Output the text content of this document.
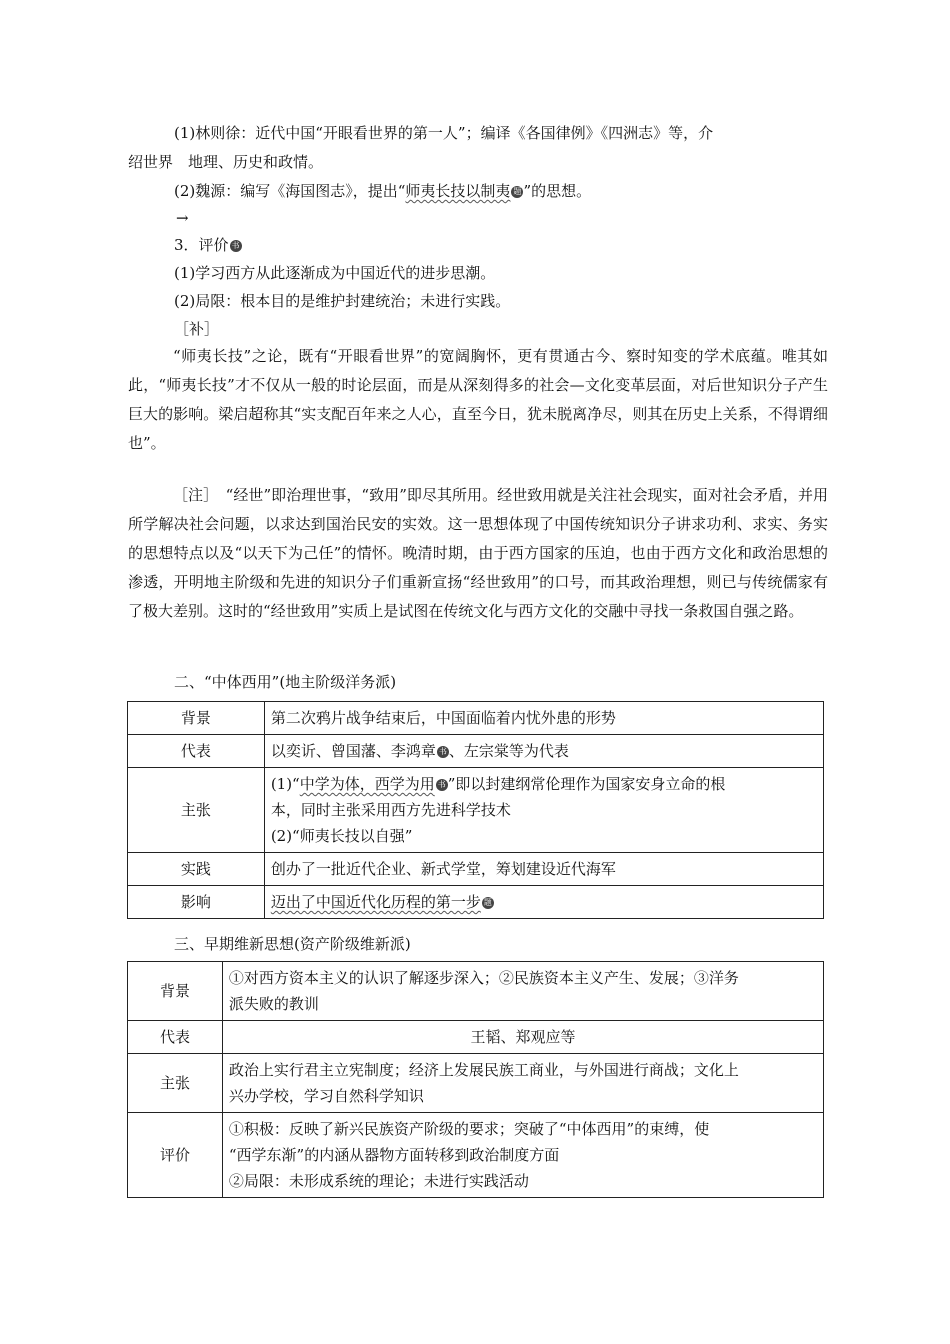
(1)林则徐：近代中国“开眼看世界的第一人”；编译《各国律例》《四洲志》等，介
绍世界　地理、历史和政情。
(2)魏源：编写《海国图志》，提出“师夷长技以制夷 题 ”的思想。
→
3．评价 书
(1)学习西方从此逐渐成为中国近代的进步思潮。
(2)局限：根本目的是维护封建统治；未进行实践。
［补］
“师夷长技”之论，既有“开眼看世界”的宽阔胸怀，更有贯通古今、察时知变的学术底蕴。唯其如此，“师夷长技”才不仅从一般的时论层面，而是从深刻得多的社会—文化变革层面，对后世知识分子产生巨大的影响。梁启超称其“实支配百年来之人心，直至今日，犹未脱离净尽，则其在历史上关系，不得谓细也”。
［注］　“经世”即治理世事，“致用”即尽其所用。经世致用就是关注社会现实，面对社会矛盾，并用所学解决社会问题，以求达到国治民安的实效。这一思想体现了中国传统知识分子讲求功利、求实、务实的思想特点以及“以天下为己任”的情怀。晚清时期，由于西方国家的压迫，也由于西方文化和政治思想的渗透，开明地主阶级和先进的知识分子们重新宣扬“经世致用”的口号，而其政治理想，则已与传统儒家有了极大差别。这时的“经世致用”实质上是试图在传统文化与西方文化的交融中寻找一条救国自强之路。
二、“中体西用”(地主阶级洋务派)
背景	第二次鸦片战争结束后，中国面临着内忧外患的形势
代表	以奕䜣、曾国藩、李鸿章 书 、左宗棠等为代表
主张	(1)“中学为体，西学为用 书 ”即以封建纲常伦理作为国家安身立命的根
本，同时主张采用西方先进科学技术
(2)“师夷长技以自强”

实践	创办了一批近代企业、新式学堂，筹划建设近代海军
影响	迈出了中国近代化历程的第一步 题
三、早期维新思想(资产阶级维新派)
背景	①对西方资本主义的认识了解逐步深入；②民族资本主义产生、发展；③洋务
派失败的教训

代表	王韬、郑观应等
主张	政治上实行君主立宪制度；经济上发展民族工商业，与外国进行商战；文化上
兴办学校，学习自然科学知识

评价	①积极：反映了新兴民族资产阶级的要求；突破了“中体西用”的束缚，使
“西学东渐”的内涵从器物方面转移到政治制度方面
②局限：未形成系统的理论；未进行实践活动
